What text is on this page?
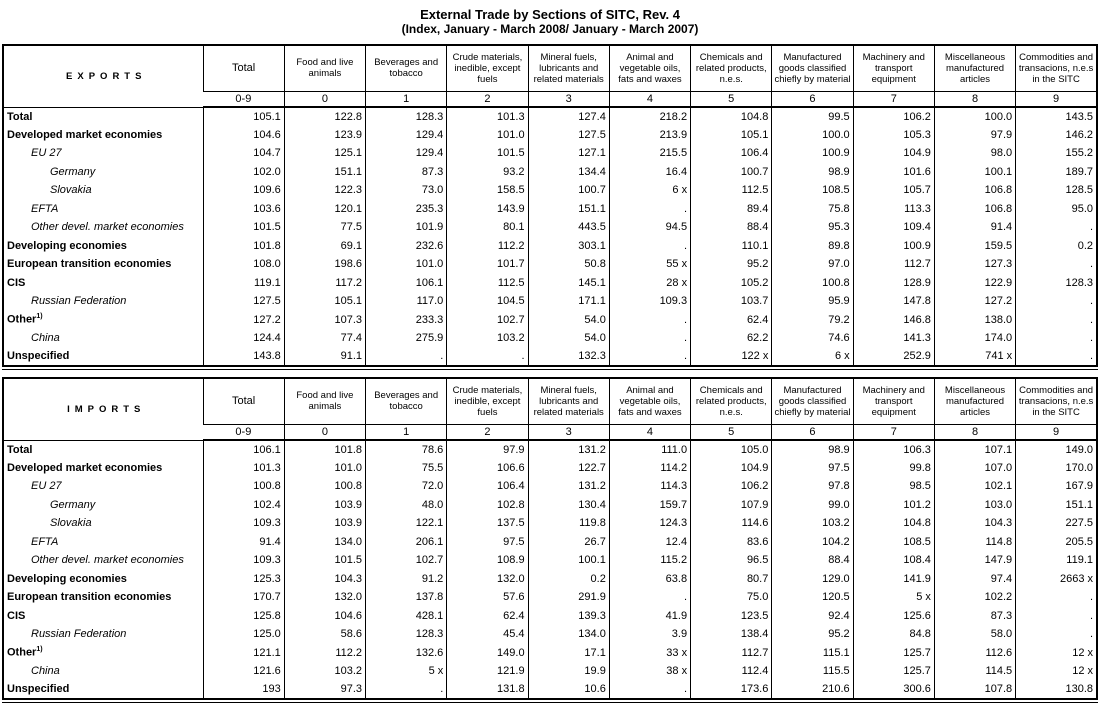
External Trade by Sections of SITC, Rev. 4
(Index, January - March 2008/ January - March 2007)
EXPORTS	Total	Food and live animals	Beverages and tobacco	Crude materials, inedible, except fuels	Mineral fuels, lubricants and related materials	Animal and vegetable oils, fats and waxes	Chemicals and related products, n.e.s.	Manufactured goods classified chiefly by material	Machinery and transport equipment	Miscellaneous manufactured articles	Commodities and transacions, n.e.s in the SITC
	0-9	0	1	2	3	4	5	6	7	8	9
Total	105.1	122.8	128.3	101.3	127.4	218.2	104.8	99.5	106.2	100.0	143.5
Developed market economies	104.6	123.9	129.4	101.0	127.5	213.9	105.1	100.0	105.3	97.9	146.2
EU 27	104.7	125.1	129.4	101.5	127.1	215.5	106.4	100.9	104.9	98.0	155.2
Germany	102.0	151.1	87.3	93.2	134.4	16.4	100.7	98.9	101.6	100.1	189.7
Slovakia	109.6	122.3	73.0	158.5	100.7	6 x	112.5	108.5	105.7	106.8	128.5
EFTA	103.6	120.1	235.3	143.9	151.1	.	89.4	75.8	113.3	106.8	95.0
Other devel. market economies	101.5	77.5	101.9	80.1	443.5	94.5	88.4	95.3	109.4	91.4	.
Developing economies	101.8	69.1	232.6	112.2	303.1	.	110.1	89.8	100.9	159.5	0.2
European transition economies	108.0	198.6	101.0	101.7	50.8	55 x	95.2	97.0	112.7	127.3	.
CIS	119.1	117.2	106.1	112.5	145.1	28 x	105.2	100.8	128.9	122.9	128.3
Russian Federation	127.5	105.1	117.0	104.5	171.1	109.3	103.7	95.9	147.8	127.2	.
Other$^{1)}$	127.2	107.3	233.3	102.7	54.0	.	62.4	79.2	146.8	138.0	.
China	124.4	77.4	275.9	103.2	54.0	.	62.2	74.6	141.3	174.0	.
Unspecified	143.8	91.1	.	.	132.3	.	122 x	6 x	252.9	741 x	.
IMPORTS	Total	Food and live animals	Beverages and tobacco	Crude materials, inedible, except fuels	Mineral fuels, lubricants and related materials	Animal and vegetable oils, fats and waxes	Chemicals and related products, n.e.s.	Manufactured goods classified chiefly by material	Machinery and transport equipment	Miscellaneous manufactured articles	Commodities and transacions, n.e.s in the SITC
	0-9	0	1	2	3	4	5	6	7	8	9
Total	106.1	101.8	78.6	97.9	131.2	111.0	105.0	98.9	106.3	107.1	149.0
Developed market economies	101.3	101.0	75.5	106.6	122.7	114.2	104.9	97.5	99.8	107.0	170.0
EU 27	100.8	100.8	72.0	106.4	131.2	114.3	106.2	97.8	98.5	102.1	167.9
Germany	102.4	103.9	48.0	102.8	130.4	159.7	107.9	99.0	101.2	103.0	151.1
Slovakia	109.3	103.9	122.1	137.5	119.8	124.3	114.6	103.2	104.8	104.3	227.5
EFTA	91.4	134.0	206.1	97.5	26.7	12.4	83.6	104.2	108.5	114.8	205.5
Other devel. market economies	109.3	101.5	102.7	108.9	100.1	115.2	96.5	88.4	108.4	147.9	119.1
Developing economies	125.3	104.3	91.2	132.0	0.2	63.8	80.7	129.0	141.9	97.4	2663 x
European transition economies	170.7	132.0	137.8	57.6	291.9	.	75.0	120.5	5 x	102.2	.
CIS	125.8	104.6	428.1	62.4	139.3	41.9	123.5	92.4	125.6	87.3	.
Russian Federation	125.0	58.6	128.3	45.4	134.0	3.9	138.4	95.2	84.8	58.0	.
Other$^{1)}$	121.1	112.2	132.6	149.0	17.1	33 x	112.7	115.1	125.7	112.6	12 x
China	121.6	103.2	5 x	121.9	19.9	38 x	112.4	115.5	125.7	114.5	12 x
Unspecified	193	97.3	.	131.8	10.6	.	173.6	210.6	300.6	107.8	130.8
